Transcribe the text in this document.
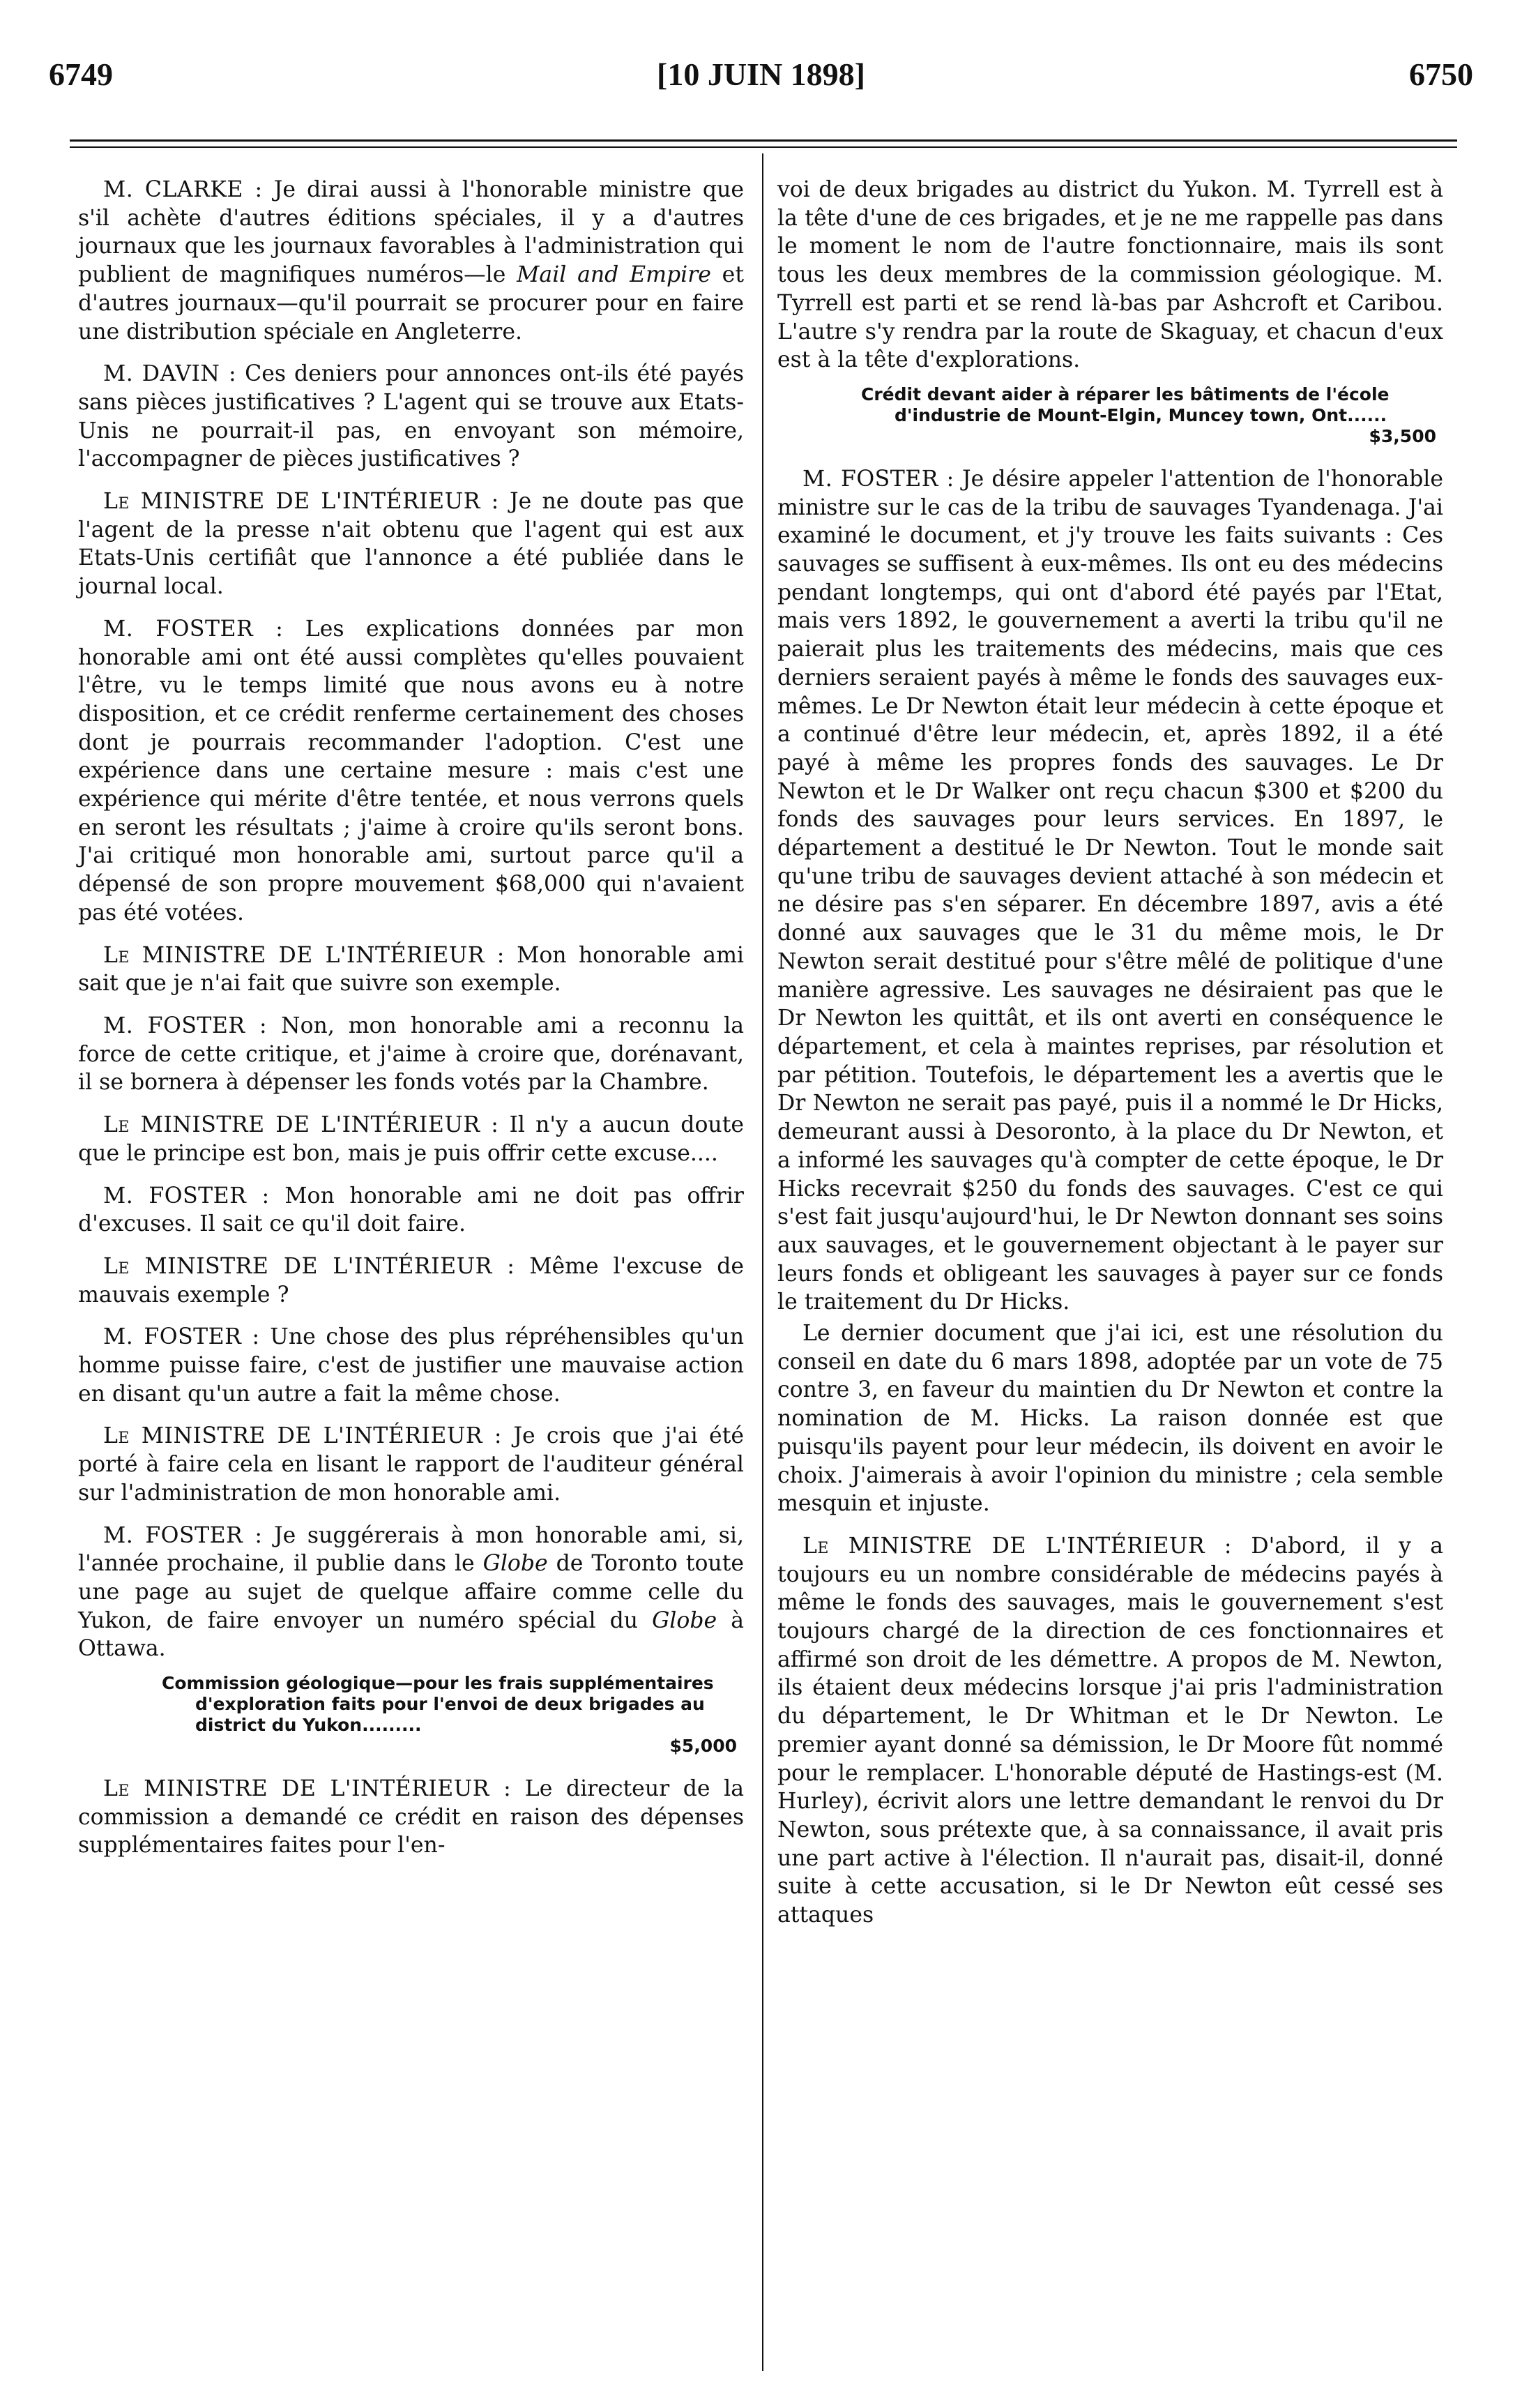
6749	[10 JUIN 1898]	6750

M. CLARKE : Je dirai aussi à l'honorable ministre que s'il achète d'autres éditions spéciales, il y a d'autres journaux que les journaux favorables à l'administration qui publient de magnifiques numéros—le Mail and Empire et d'autres journaux—qu'il pourrait se procurer pour en faire une distribution spéciale en Angleterre.

M. DAVIN : Ces deniers pour annonces ont-ils été payés sans pièces justificatives ? L'agent qui se trouve aux Etats-Unis ne pourrait-il pas, en envoyant son mémoire, l'accompagner de pièces justificatives ?

Le MINISTRE DE L'INTÉRIEUR : Je ne doute pas que l'agent de la presse n'ait obtenu que l'agent qui est aux Etats-Unis certifiât que l'annonce a été publiée dans le journal local.

M. FOSTER : Les explications données par mon honorable ami ont été aussi complètes qu'elles pouvaient l'être, vu le temps limité que nous avons eu à notre disposition, et ce crédit renferme certainement des choses dont je pourrais recommander l'adoption. C'est une expérience dans une certaine mesure : mais c'est une expérience qui mérite d'être tentée, et nous verrons quels en seront les résultats ; j'aime à croire qu'ils seront bons. J'ai critiqué mon honorable ami, surtout parce qu'il a dépensé de son propre mouvement $68,000 qui n'avaient pas été votées.

Le MINISTRE DE L'INTÉRIEUR : Mon honorable ami sait que je n'ai fait que suivre son exemple.

M. FOSTER : Non, mon honorable ami a reconnu la force de cette critique, et j'aime à croire que, dorénavant, il se bornera à dépenser les fonds votés par la Chambre.

Le MINISTRE DE L'INTÉRIEUR : Il n'y a aucun doute que le principe est bon, mais je puis offrir cette excuse....

M. FOSTER : Mon honorable ami ne doit pas offrir d'excuses. Il sait ce qu'il doit faire.

Le MINISTRE DE L'INTÉRIEUR : Même l'excuse de mauvais exemple ?

M. FOSTER : Une chose des plus répréhensibles qu'un homme puisse faire, c'est de justifier une mauvaise action en disant qu'un autre a fait la même chose.

Le MINISTRE DE L'INTÉRIEUR : Je crois que j'ai été porté à faire cela en lisant le rapport de l'auditeur général sur l'administration de mon honorable ami.

M. FOSTER : Je suggérerais à mon honorable ami, si, l'année prochaine, il publie dans le Globe de Toronto toute une page au sujet de quelque affaire comme celle du Yukon, de faire envoyer un numéro spécial du Globe à Ottawa.

Commission géologique—pour les frais supplémentaires d'exploration faits pour l'envoi de deux brigades au district du Yukon.........
$5,000

Le MINISTRE DE L'INTÉRIEUR : Le directeur de la commission a demandé ce crédit en raison des dépenses supplémentaires faites pour l'en-

voi de deux brigades au district du Yukon. M. Tyrrell est à la tête d'une de ces brigades, et je ne me rappelle pas dans le moment le nom de l'autre fonctionnaire, mais ils sont tous les deux membres de la commission géologique. M. Tyrrell est parti et se rend là-bas par Ashcroft et Caribou. L'autre s'y rendra par la route de Skaguay, et chacun d'eux est à la tête d'explorations.

Crédit devant aider à réparer les bâtiments de l'école d'industrie de Mount-Elgin, Muncey town, Ont......
$3,500

M. FOSTER : Je désire appeler l'attention de l'honorable ministre sur le cas de la tribu de sauvages Tyandenaga. J'ai examiné le document, et j'y trouve les faits suivants : Ces sauvages se suffisent à eux-mêmes. Ils ont eu des médecins pendant longtemps, qui ont d'abord été payés par l'Etat, mais vers 1892, le gouvernement a averti la tribu qu'il ne paierait plus les traitements des médecins, mais que ces derniers seraient payés à même le fonds des sauvages eux-mêmes. Le Dr Newton était leur médecin à cette époque et a continué d'être leur médecin, et, après 1892, il a été payé à même les propres fonds des sauvages. Le Dr Newton et le Dr Walker ont reçu chacun $300 et $200 du fonds des sauvages pour leurs services. En 1897, le département a destitué le Dr Newton. Tout le monde sait qu'une tribu de sauvages devient attaché à son médecin et ne désire pas s'en séparer. En décembre 1897, avis a été donné aux sauvages que le 31 du même mois, le Dr Newton serait destitué pour s'être mêlé de politique d'une manière agressive. Les sauvages ne désiraient pas que le Dr Newton les quittât, et ils ont averti en conséquence le département, et cela à maintes reprises, par résolution et par pétition. Toutefois, le département les a avertis que le Dr Newton ne serait pas payé, puis il a nommé le Dr Hicks, demeurant aussi à Desoronto, à la place du Dr Newton, et a informé les sauvages qu'à compter de cette époque, le Dr Hicks recevrait $250 du fonds des sauvages. C'est ce qui s'est fait jusqu'aujourd'hui, le Dr Newton donnant ses soins aux sauvages, et le gouvernement objectant à le payer sur leurs fonds et obligeant les sauvages à payer sur ce fonds le traitement du Dr Hicks.

Le dernier document que j'ai ici, est une résolution du conseil en date du 6 mars 1898, adoptée par un vote de 75 contre 3, en faveur du maintien du Dr Newton et contre la nomination de M. Hicks. La raison donnée est que puisqu'ils payent pour leur médecin, ils doivent en avoir le choix. J'aimerais à avoir l'opinion du ministre ; cela semble mesquin et injuste.

Le MINISTRE DE L'INTÉRIEUR : D'abord, il y a toujours eu un nombre considérable de médecins payés à même le fonds des sauvages, mais le gouvernement s'est toujours chargé de la direction de ces fonctionnaires et affirmé son droit de les démettre. A propos de M. Newton, ils étaient deux médecins lorsque j'ai pris l'administration du département, le Dr Whitman et le Dr Newton. Le premier ayant donné sa démission, le Dr Moore fût nommé pour le remplacer. L'honorable député de Hastings-est (M. Hurley), écrivit alors une lettre demandant le renvoi du Dr Newton, sous prétexte que, à sa connaissance, il avait pris une part active à l'élection. Il n'aurait pas, disait-il, donné suite à cette accusation, si le Dr Newton eût cessé ses attaques
